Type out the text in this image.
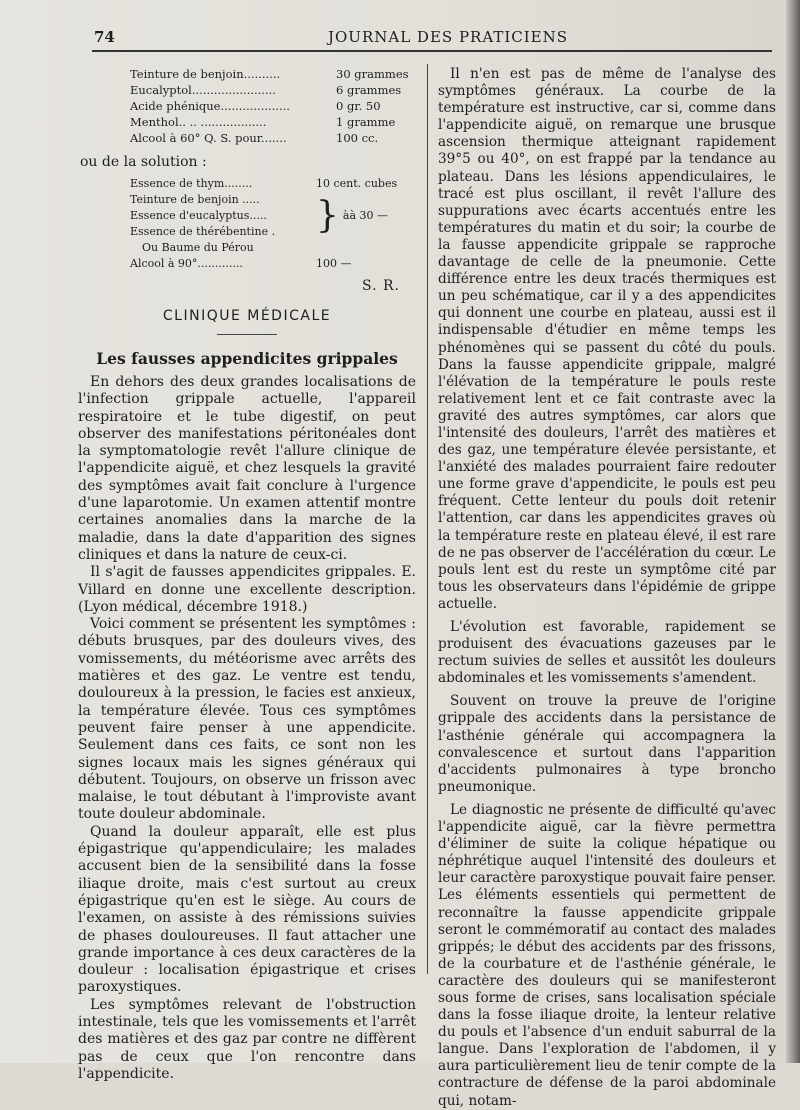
74	JOURNAL DES PRATICIENS
Teinture de benjoin..........	30 grammes
Eucalyptol.......................	6 grammes
Acide phénique...................	0 gr. 50
Menthol.. .. ..................	1 gramme
Alcool à 60° Q. S. pour.......	100 cc.
ou de la solution :
Essence de thym........	10 cent. cubes
Teinture de benjoin .....
Essence d'eucalyptus.....
Essence de thérébentine .	} àà 30 —
Ou Baume du Pérou
Alcool à 90°.............	100 —
S. R.
CLINIQUE MÉDICALE
Les fausses appendicites grippales

En dehors des deux grandes localisations de l'infection grippale actuelle, l'appareil respiratoire et le tube digestif, on peut observer des manifestations péritonéales dont la symptomatologie revêt l'allure clinique de l'appendicite aiguë, et chez lesquels la gravité des symptômes avait fait conclure à l'urgence d'une laparotomie. Un examen attentif montre certaines anomalies dans la marche de la maladie, dans la date d'apparition des signes cliniques et dans la nature de ceux-ci.

Il s'agit de fausses appendicites grippales. E. Villard en donne une excellente description. (Lyon médical, décembre 1918.)

Voici comment se présentent les symptômes : débuts brusques, par des douleurs vives, des vomissements, du météorisme avec arrêts des matières et des gaz. Le ventre est tendu, douloureux à la pression, le facies est anxieux, la température élevée. Tous ces symptômes peuvent faire penser à une appendicite. Seulement dans ces faits, ce sont non les signes locaux mais les signes généraux qui débutent. Toujours, on observe un frisson avec malaise, le tout débutant à l'improviste avant toute douleur abdominale.

Quand la douleur apparaît, elle est plus épigastrique qu'appendiculaire; les malades accusent bien de la sensibilité dans la fosse iliaque droite, mais c'est surtout au creux épigastrique qu'en est le siège. Au cours de l'examen, on assiste à des rémissions suivies de phases douloureuses. Il faut attacher une grande importance à ces deux caractères de la douleur : localisation épigastrique et crises paroxystiques.

Les symptômes relevant de l'obstruction intestinale, tels que les vomissements et l'arrêt des matières et des gaz par contre ne diffèrent pas de ceux que l'on rencontre dans l'appendicite.

Il n'en est pas de même de l'analyse des symptômes généraux. La courbe de la température est instructive, car si, comme dans l'appendicite aiguë, on remarque une brusque ascension thermique atteignant rapidement 39°5 ou 40°, on est frappé par la tendance au plateau. Dans les lésions appendiculaires, le tracé est plus oscillant, il revêt l'allure des suppurations avec écarts accentués entre les températures du matin et du soir; la courbe de la fausse appendicite grippale se rapproche davantage de celle de la pneumonie. Cette différence entre les deux tracés thermiques est un peu schématique, car il y a des appendicites qui donnent une courbe en plateau, aussi est il indispensable d'étudier en même temps les phénomènes qui se passent du côté du pouls. Dans la fausse appendicite grippale, malgré l'élévation de la température le pouls reste relativement lent et ce fait contraste avec la gravité des autres symptômes, car alors que l'intensité des douleurs, l'arrêt des matières et des gaz, une température élevée persistante, et l'anxiété des malades pourraient faire redouter une forme grave d'appendicite, le pouls est peu fréquent. Cette lenteur du pouls doit retenir l'attention, car dans les appendicites graves où la température reste en plateau élevé, il est rare de ne pas observer de l'accélération du cœur. Le pouls lent est du reste un symptôme cité par tous les observateurs dans l'épidémie de grippe actuelle.

L'évolution est favorable, rapidement se produisent des évacuations gazeuses par le rectum suivies de selles et aussitôt les douleurs abdominales et les vomissements s'amendent.

Souvent on trouve la preuve de l'origine grippale des accidents dans la persistance de l'asthénie générale qui accompagnera la convalescence et surtout dans l'apparition d'accidents pulmonaires à type broncho pneumonique.

Le diagnostic ne présente de difficulté qu'avec l'appendicite aiguë, car la fièvre permettra d'éliminer de suite la colique hépatique ou néphrétique auquel l'intensité des douleurs et leur caractère paroxystique pouvait faire penser. Les éléments essentiels qui permettent de reconnaître la fausse appendicite grippale seront le commémoratif au contact des malades grippés; le début des accidents par des frissons, de la courbature et de l'asthénie générale, le caractère des douleurs qui se manifesteront sous forme de crises, sans localisation spéciale dans la fosse iliaque droite, la lenteur relative du pouls et l'absence d'un enduit saburral de la langue. Dans l'exploration de l'abdomen, il y aura particulièrement lieu de tenir compte de la contracture de défense de la paroi abdominale qui, notam-
